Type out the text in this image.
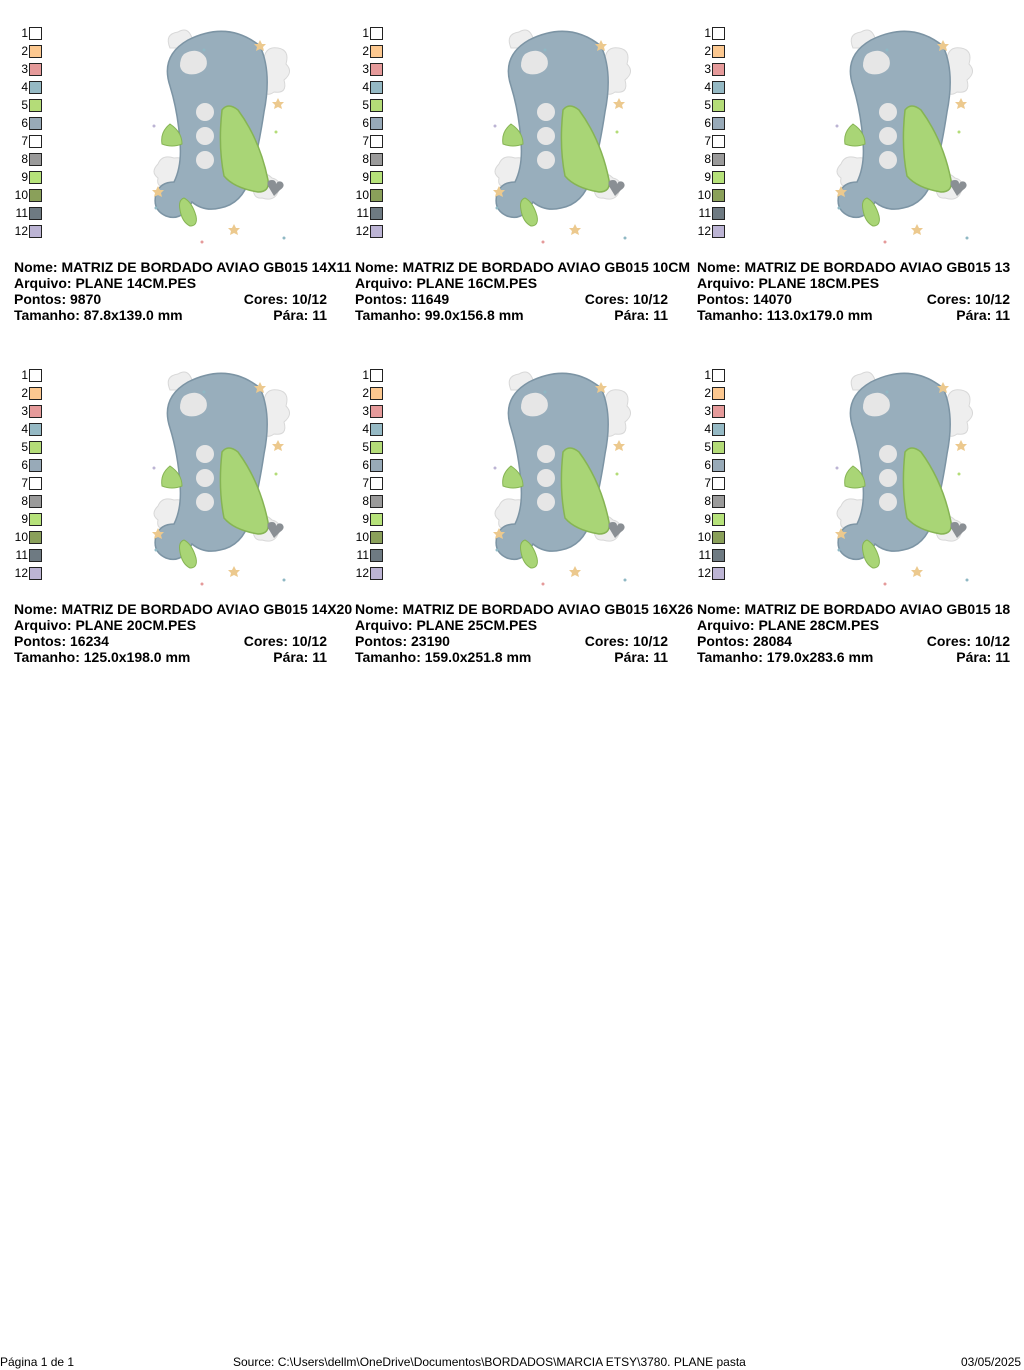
1
2
3
4
5
6
7
8
9
10
11
12
Nome: MATRIZ DE BORDADO AVIAO GB015 14X11
Arquivo: PLANE 14CM.PES
Pontos: 9870	Cores: 10/12
Tamanho: 87.8x139.0 mm	Pára: 11
1
2
3
4
5
6
7
8
9
10
11
12
Nome: MATRIZ DE BORDADO AVIAO GB015 10CM
Arquivo: PLANE 16CM.PES
Pontos: 11649	Cores: 10/12
Tamanho: 99.0x156.8 mm	Pára: 11
1
2
3
4
5
6
7
8
9
10
11
12
Nome: MATRIZ DE BORDADO AVIAO GB015 13
Arquivo: PLANE 18CM.PES
Pontos: 14070	Cores: 10/12
Tamanho: 113.0x179.0 mm	Pára: 11
1
2
3
4
5
6
7
8
9
10
11
12
Nome: MATRIZ DE BORDADO AVIAO GB015 14X20
Arquivo: PLANE 20CM.PES
Pontos: 16234	Cores: 10/12
Tamanho: 125.0x198.0 mm	Pára: 11
1
2
3
4
5
6
7
8
9
10
11
12
Nome: MATRIZ DE BORDADO AVIAO GB015 16X26
Arquivo: PLANE 25CM.PES
Pontos: 23190	Cores: 10/12
Tamanho: 159.0x251.8 mm	Pára: 11
1
2
3
4
5
6
7
8
9
10
11
12
Nome: MATRIZ DE BORDADO AVIAO GB015 18
Arquivo: PLANE 28CM.PES
Pontos: 28084	Cores: 10/12
Tamanho: 179.0x283.6 mm	Pára: 11
Página 1 de 1	Source: C:\Users\dellm\OneDrive\Documentos\BORDADOS\MARCIA ETSY\3780. PLANE pasta	03/05/2025
